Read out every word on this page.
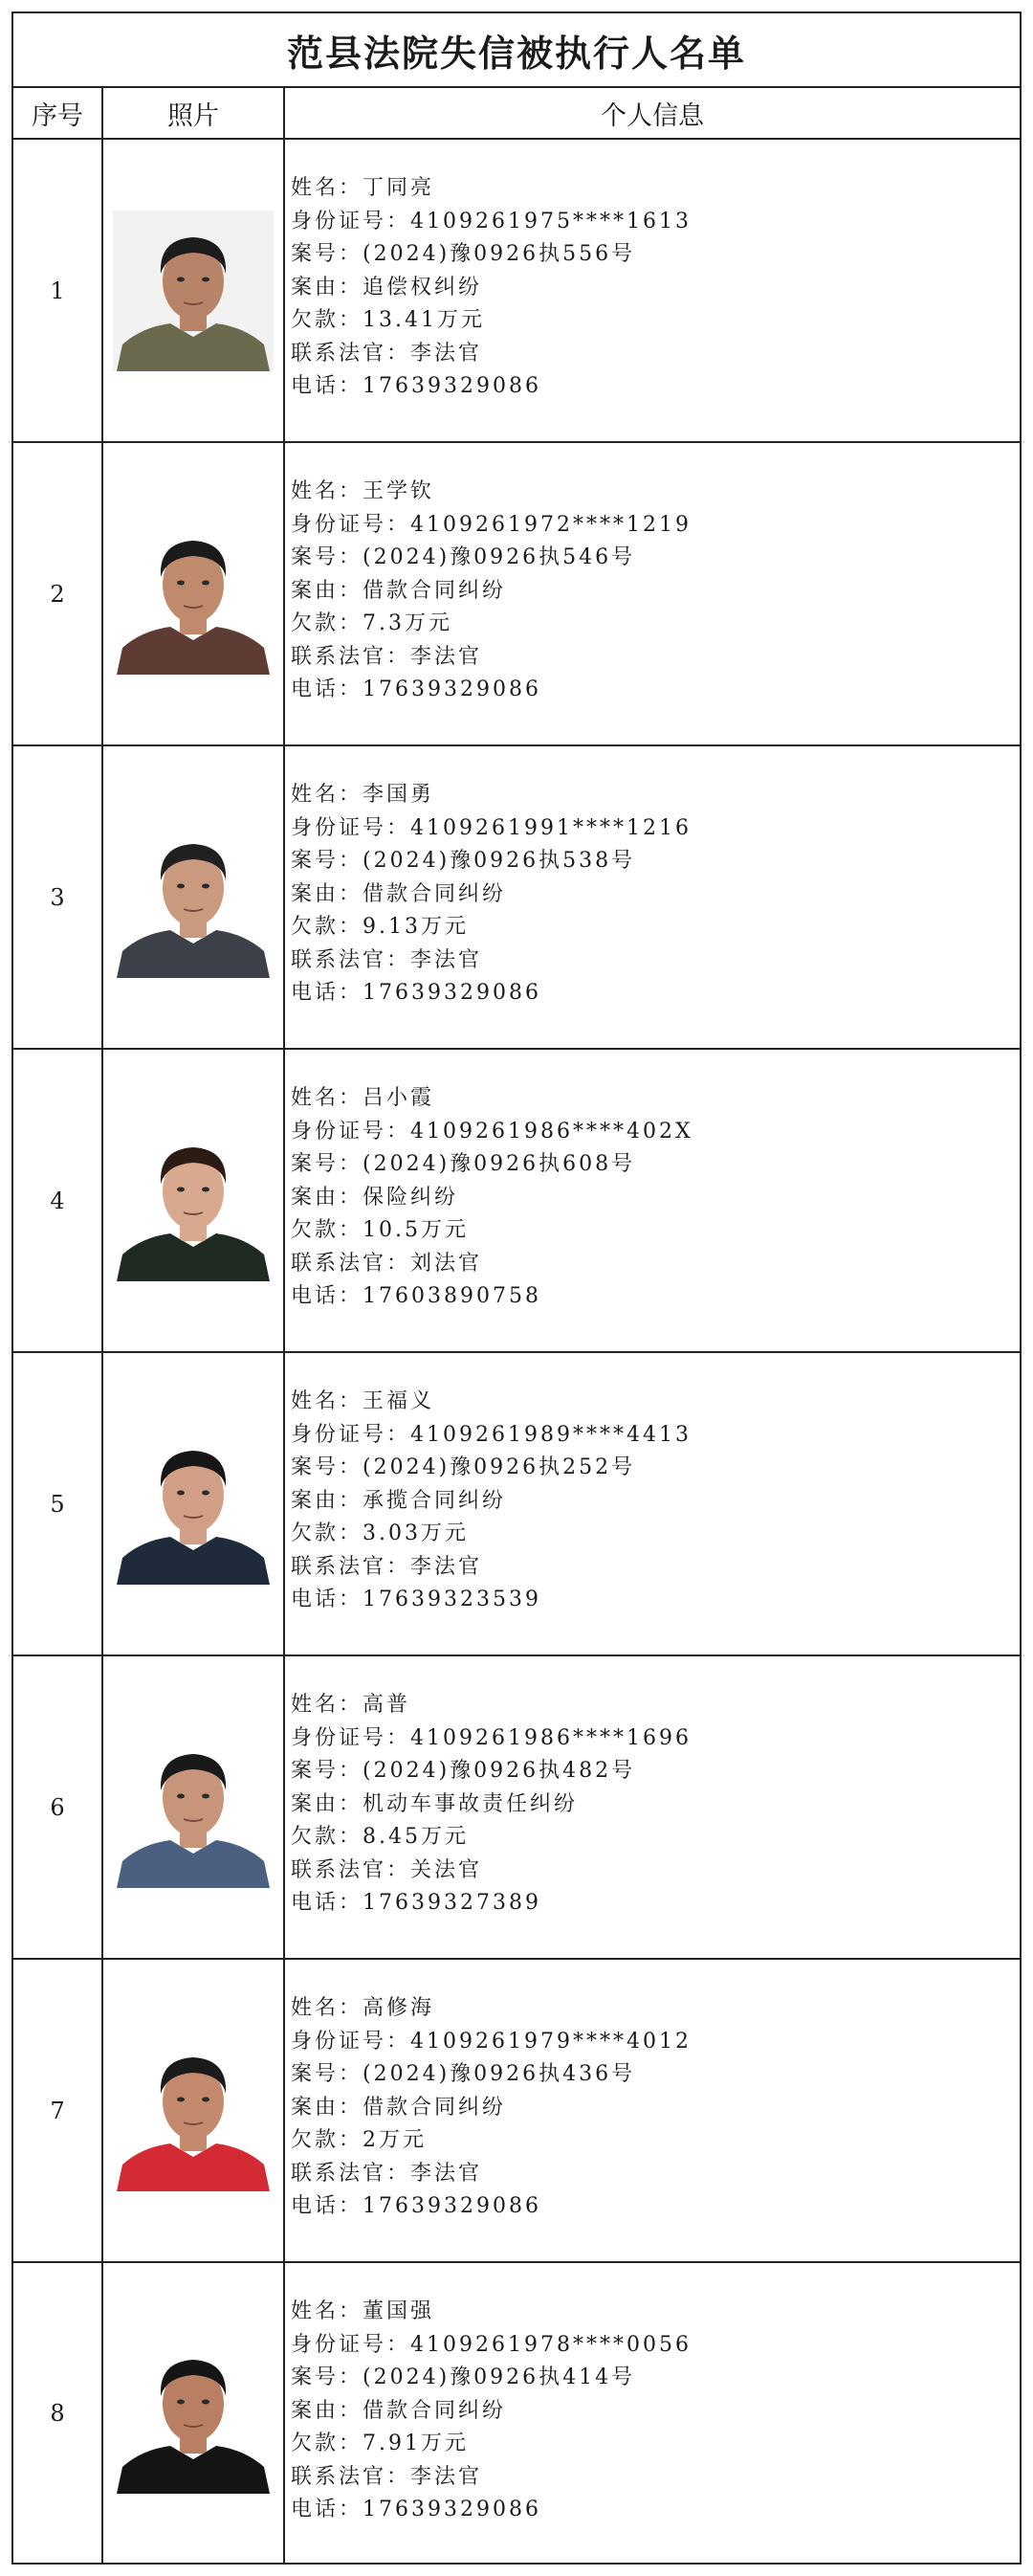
范县法院失信被执行人名单
序号	照片	个人信息
1
姓名：丁同亮
身份证号：4109261975****1613
案号：(2024)豫0926执556号
案由：追偿权纠纷
欠款：13.41万元
联系法官：李法官
电话：17639329086
2
姓名：王学钦
身份证号：4109261972****1219
案号：(2024)豫0926执546号
案由：借款合同纠纷
欠款：7.3万元
联系法官：李法官
电话：17639329086
3
姓名：李国勇
身份证号：4109261991****1216
案号：(2024)豫0926执538号
案由：借款合同纠纷
欠款：9.13万元
联系法官：李法官
电话：17639329086
4
姓名：吕小霞
身份证号：4109261986****402X
案号：(2024)豫0926执608号
案由：保险纠纷
欠款：10.5万元
联系法官：刘法官
电话：17603890758
5
姓名：王福义
身份证号：4109261989****4413
案号：(2024)豫0926执252号
案由：承揽合同纠纷
欠款：3.03万元
联系法官：李法官
电话：17639323539
6
姓名：高普
身份证号：4109261986****1696
案号：(2024)豫0926执482号
案由：机动车事故责任纠纷
欠款：8.45万元
联系法官：关法官
电话：17639327389
7
姓名：高修海
身份证号：4109261979****4012
案号：(2024)豫0926执436号
案由：借款合同纠纷
欠款：2万元
联系法官：李法官
电话：17639329086
8
姓名：董国强
身份证号：4109261978****0056
案号：(2024)豫0926执414号
案由：借款合同纠纷
欠款：7.91万元
联系法官：李法官
电话：17639329086
